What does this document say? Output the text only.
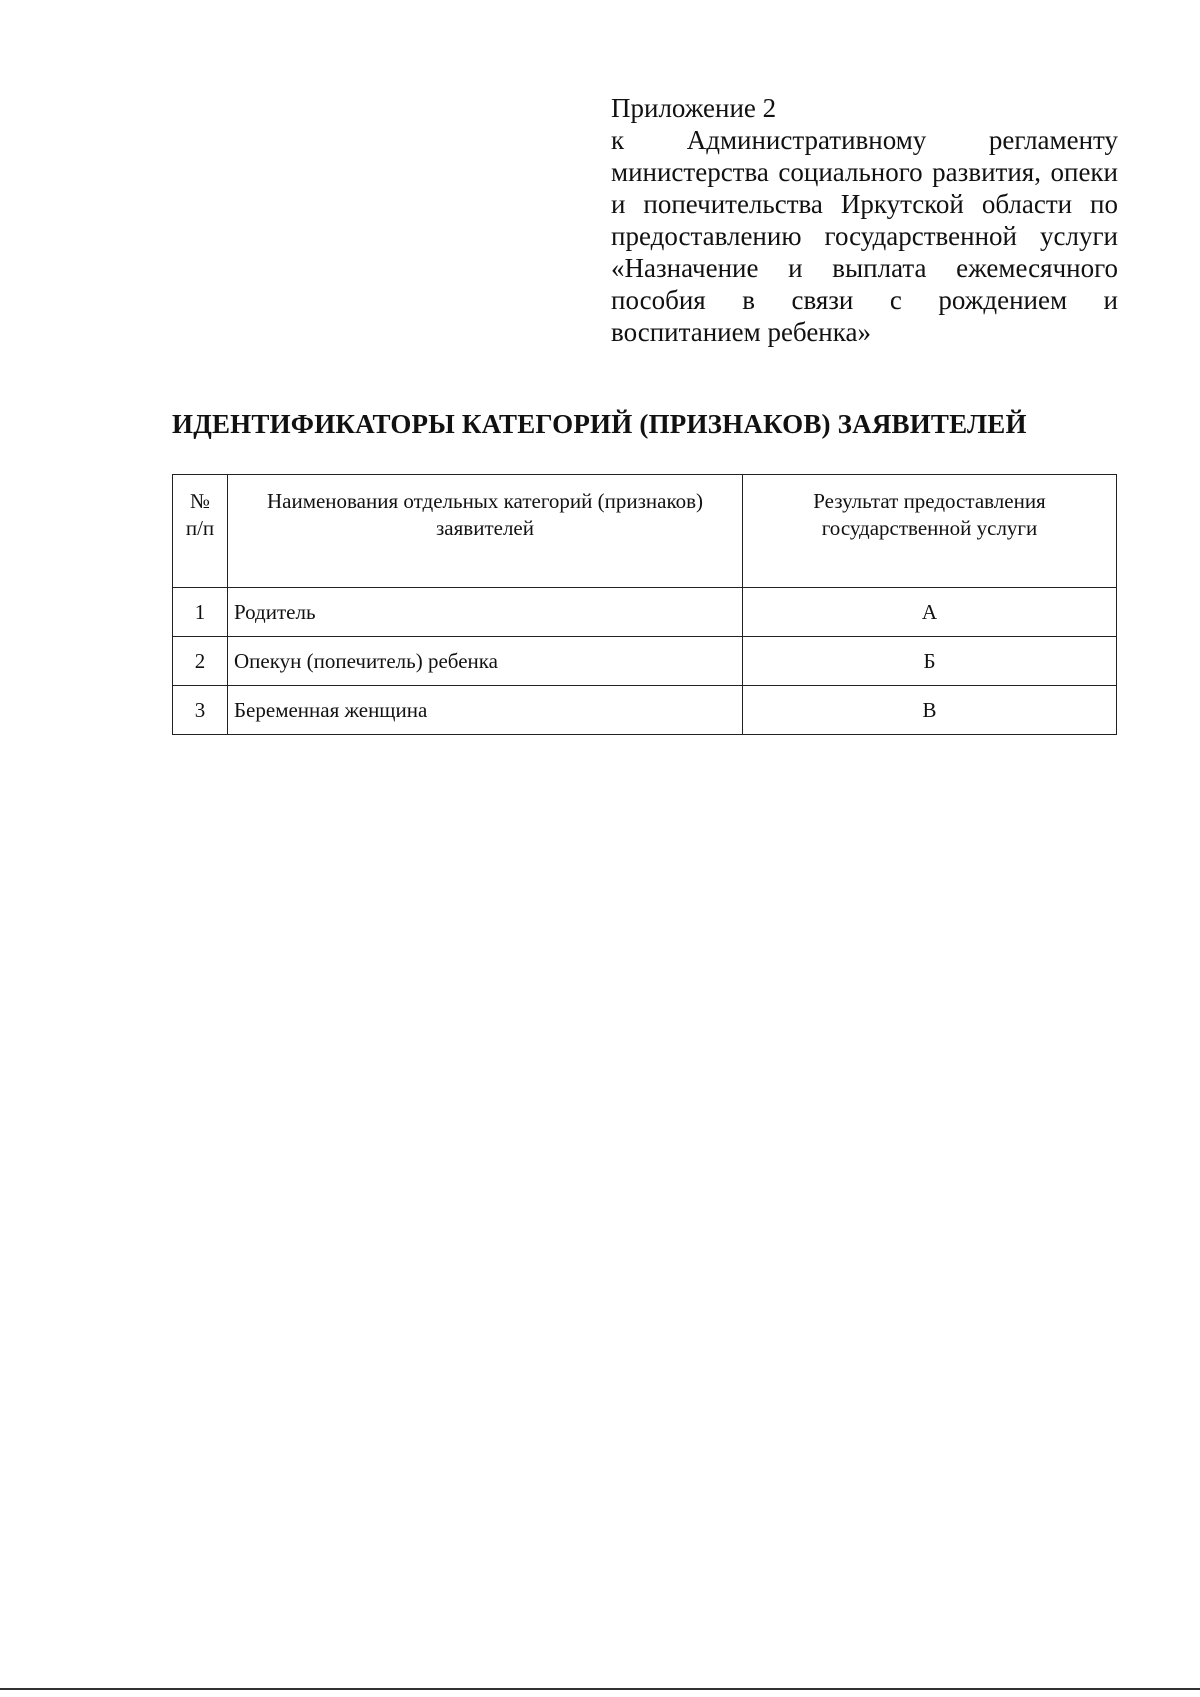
Приложение 2
к Административному регламенту министерства социального развития, опеки и попечительства Иркутской области по предоставлению государственной услуги «Назначение и выплата ежемесячного пособия в связи с рождением и воспитанием ребенка»
ИДЕНТИФИКАТОРЫ КАТЕГОРИЙ (ПРИЗНАКОВ) ЗАЯВИТЕЛЕЙ
№ п/п	Наименования отдельных категорий (признаков) заявителей	Результат предоставления государственной услуги
1	Родитель	А
2	Опекун (попечитель) ребенка	Б
3	Беременная женщина	В
